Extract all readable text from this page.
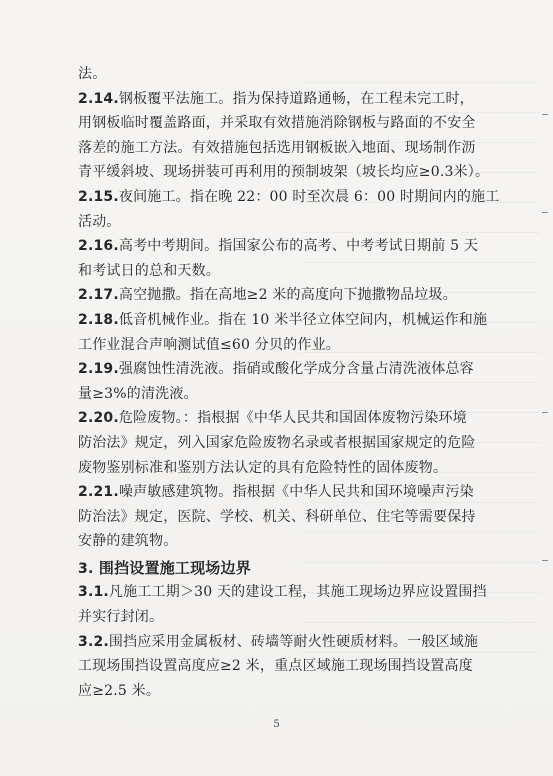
法。
2.14.钢板覆平法施工。指为保持道路通畅，在工程未完工时，
用钢板临时覆盖路面，并采取有效措施消除钢板与路面的不安全
落差的施工方法。有效措施包括选用钢板嵌入地面、现场制作沥
青平缓斜坡、现场拼装可再利用的预制坡架（坡长均应≥0.3米）。
2.15.夜间施工。指在晚 22：00 时至次晨 6：00 时期间内的施工
活动。
2.16.高考中考期间。指国家公布的高考、中考考试日期前 5 天
和考试日的总和天数。
2.17.高空抛撒。指在高地≥2 米的高度向下抛撒物品垃圾。
2.18.低音机械作业。指在 10 米半径立体空间内，机械运作和施
工作业混合声响测试值≤60 分贝的作业。
2.19.强腐蚀性清洗液。指硝或酸化学成分含量占清洗液体总容
量≥3%的清洗液。
2.20.危险废物。：指根据《中华人民共和国固体废物污染环境
防治法》规定，列入国家危险废物名录或者根据国家规定的危险
废物鉴别标准和鉴别方法认定的具有危险特性的固体废物。
2.21.噪声敏感建筑物。指根据《中华人民共和国环境噪声污染
防治法》规定，医院、学校、机关、科研单位、住宅等需要保持
安静的建筑物。
3. 围挡设置施工现场边界
3.1.凡施工工期＞30 天的建设工程，其施工现场边界应设置围挡
并实行封闭。
3.2.围挡应采用金属板材、砖墙等耐火性硬质材料。一般区域施
工现场围挡设置高度应≥2 米，重点区域施工现场围挡设置高度
应≥2.5 米。
5
